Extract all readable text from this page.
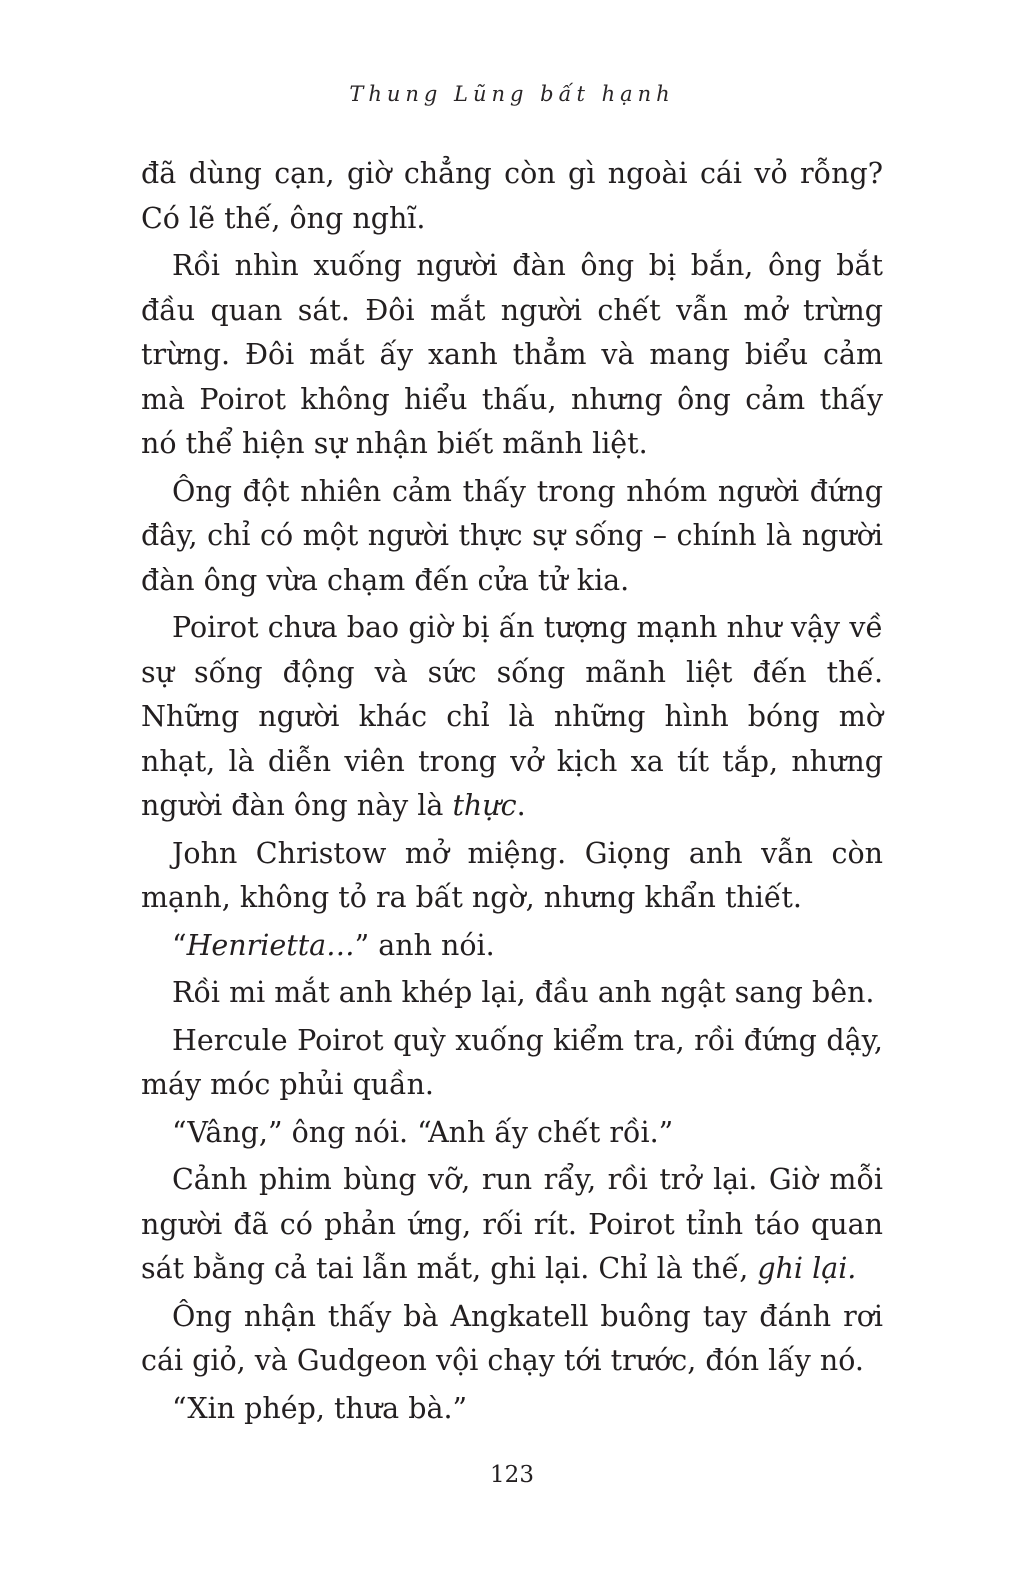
Thung Lũng bất hạnh

đã dùng cạn, giờ chẳng còn gì ngoài cái vỏ rỗng? Có lẽ thế, ông nghĩ.

Rồi nhìn xuống người đàn ông bị bắn, ông bắt đầu quan sát. Đôi mắt người chết vẫn mở trừng trừng. Đôi mắt ấy xanh thẳm và mang biểu cảm mà Poirot không hiểu thấu, nhưng ông cảm thấy nó thể hiện sự nhận biết mãnh liệt.

Ông đột nhiên cảm thấy trong nhóm người đứng đây, chỉ có một người thực sự sống – chính là người đàn ông vừa chạm đến cửa tử kia.

Poirot chưa bao giờ bị ấn tượng mạnh như vậy về sự sống động và sức sống mãnh liệt đến thế. Những người khác chỉ là những hình bóng mờ nhạt, là diễn viên trong vở kịch xa tít tắp, nhưng người đàn ông này là thực.

John Christow mở miệng. Giọng anh vẫn còn mạnh, không tỏ ra bất ngờ, nhưng khẩn thiết.

“Henrietta…” anh nói.

Rồi mi mắt anh khép lại, đầu anh ngật sang bên.

Hercule Poirot quỳ xuống kiểm tra, rồi đứng dậy, máy móc phủi quần.

“Vâng,” ông nói. “Anh ấy chết rồi.”

Cảnh phim bùng vỡ, run rẩy, rồi trở lại. Giờ mỗi người đã có phản ứng, rối rít. Poirot tỉnh táo quan sát bằng cả tai lẫn mắt, ghi lại. Chỉ là thế, ghi lại.

Ông nhận thấy bà Angkatell buông tay đánh rơi cái giỏ, và Gudgeon vội chạy tới trước, đón lấy nó.

“Xin phép, thưa bà.”

123
